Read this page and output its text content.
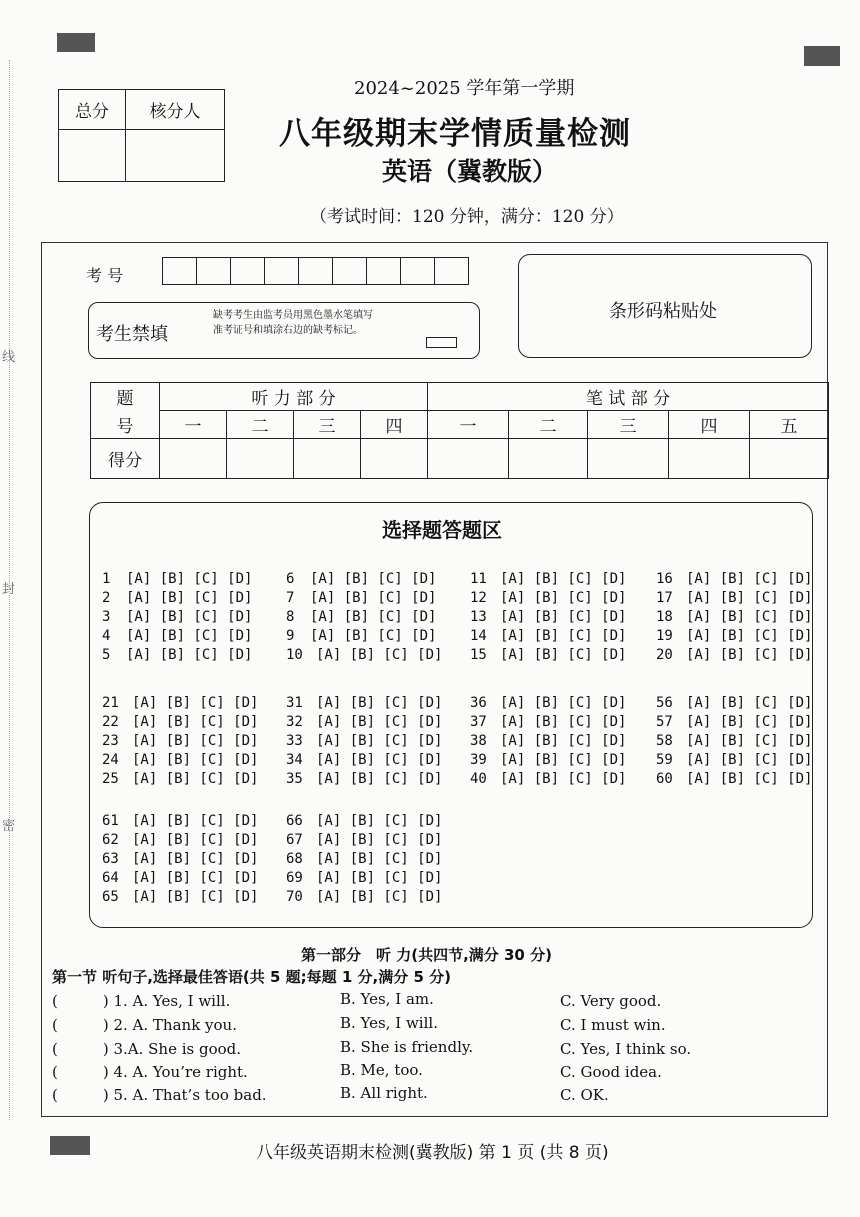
线
封
密
总分	核分人

2024~2025 学年第一学期
八年级期末学情质量检测
英语（冀教版）
（考试时间：120 分钟，满分：120 分）
考 号

考生禁填
缺考考生由监考员用黑色墨水笔填写准考证号和填涂右边的缺考标记。
条形码粘贴处
题	听 力 部 分				笔 试 部 分				
号	一	二	三	四	一	二	三	四	五
得分									
选择题答题区
1 [A] [B] [C] [D] 6 [A] [B] [C] [D] 11 [A] [B] [C] [D] 16 [A] [B] [C] [D]
2 [A] [B] [C] [D] 7 [A] [B] [C] [D] 12 [A] [B] [C] [D] 17 [A] [B] [C] [D]
3 [A] [B] [C] [D] 8 [A] [B] [C] [D] 13 [A] [B] [C] [D] 18 [A] [B] [C] [D]
4 [A] [B] [C] [D] 9 [A] [B] [C] [D] 14 [A] [B] [C] [D] 19 [A] [B] [C] [D]
5 [A] [B] [C] [D] 10 [A] [B] [C] [D] 15 [A] [B] [C] [D] 20 [A] [B] [C] [D]
21 [A] [B] [C] [D] 31 [A] [B] [C] [D] 36 [A] [B] [C] [D] 56 [A] [B] [C] [D]
22 [A] [B] [C] [D] 32 [A] [B] [C] [D] 37 [A] [B] [C] [D] 57 [A] [B] [C] [D]
23 [A] [B] [C] [D] 33 [A] [B] [C] [D] 38 [A] [B] [C] [D] 58 [A] [B] [C] [D]
24 [A] [B] [C] [D] 34 [A] [B] [C] [D] 39 [A] [B] [C] [D] 59 [A] [B] [C] [D]
25 [A] [B] [C] [D] 35 [A] [B] [C] [D] 40 [A] [B] [C] [D] 60 [A] [B] [C] [D]
61 [A] [B] [C] [D] 66 [A] [B] [C] [D]
62 [A] [B] [C] [D] 67 [A] [B] [C] [D]
63 [A] [B] [C] [D] 68 [A] [B] [C] [D]
64 [A] [B] [C] [D] 69 [A] [B] [C] [D]
65 [A] [B] [C] [D] 70 [A] [B] [C] [D]
第一部分　听 力(共四节,满分 30 分)
第一节 听句子,选择最佳答语(共 5 题;每题 1 分,满分 5 分)
(　　　) 1. A. Yes, I will.	B. Yes, I am.	C. Very good.
(　　　) 2. A. Thank you.	B. Yes, I will.	C. I must win.
(　　　) 3.A. She is good.	B. She is friendly.	C. Yes, I think so.
(　　　) 4. A. You’re right.	B. Me, too.	C. Good idea.
(　　　) 5. A. That’s too bad.	B. All right.	C. OK.
八年级英语期末检测(冀教版) 第 1 页 (共 8 页)
